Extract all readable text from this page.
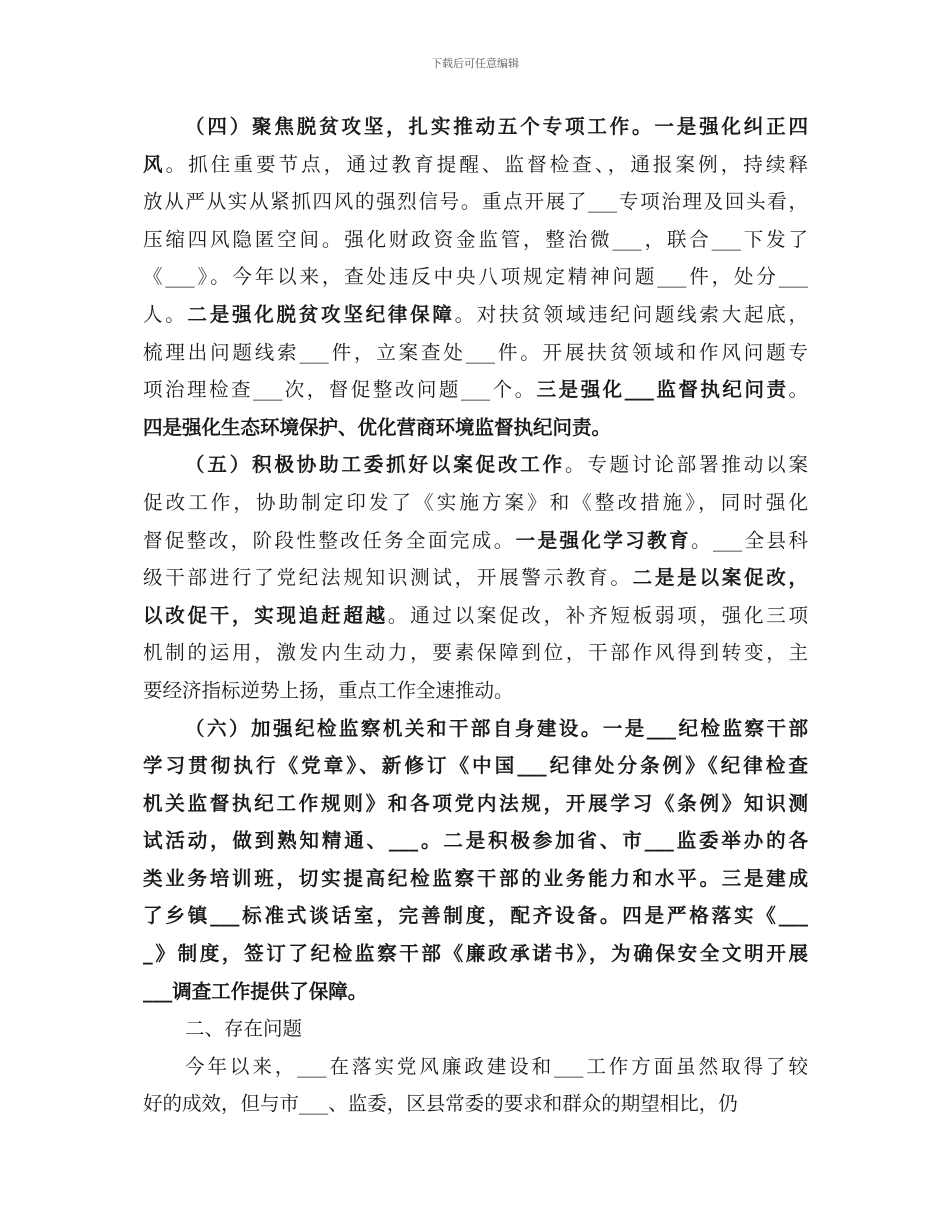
下载后可任意编辑
（四）聚焦脱贫攻坚，扎实推动五个专项工作。一是强化纠正四
风。抓住重要节点，通过教育提醒、监督检查、，通报案例，持续释
放从严从实从紧抓四风的强烈信号。重点开展了___专项治理及回头看，
压缩四风隐匿空间。强化财政资金监管，整治微___，联合___下发了
《___》。今年以来，查处违反中央八项规定精神问题___件，处分___
人。二是强化脱贫攻坚纪律保障。对扶贫领域违纪问题线索大起底，
梳理出问题线索___件，立案查处___件。开展扶贫领域和作风问题专
项治理检查___次，督促整改问题___个。三是强化___监督执纪问责。
四是强化生态环境保护、优化营商环境监督执纪问责。
（五）积极协助工委抓好以案促改工作。专题讨论部署推动以案
促改工作，协助制定印发了《实施方案》和《整改措施》，同时强化
督促整改，阶段性整改任务全面完成。一是强化学习教育。___全县科
级干部进行了党纪法规知识测试，开展警示教育。二是是以案促改，
以改促干，实现追赶超越。通过以案促改，补齐短板弱项，强化三项
机制的运用，激发内生动力，要素保障到位，干部作风得到转变，主
要经济指标逆势上扬，重点工作全速推动。
（六）加强纪检监察机关和干部自身建设。一是___纪检监察干部
学习贯彻执行《党章》、新修订《中国___纪律处分条例》《纪律检查
机关监督执纪工作规则》和各项党内法规，开展学习《条例》知识测
试活动，做到熟知精通、___。二是积极参加省、市___监委举办的各
类业务培训班，切实提高纪检监察干部的业务能力和水平。三是建成
了乡镇___标准式谈话室，完善制度，配齐设备。四是严格落实《___
_》制度，签订了纪检监察干部《廉政承诺书》，为确保安全文明开展
___调查工作提供了保障。
二、存在问题
今年以来，___在落实党风廉政建设和___工作方面虽然取得了较
好的成效，但与市___、监委，区县常委的要求和群众的期望相比，仍
